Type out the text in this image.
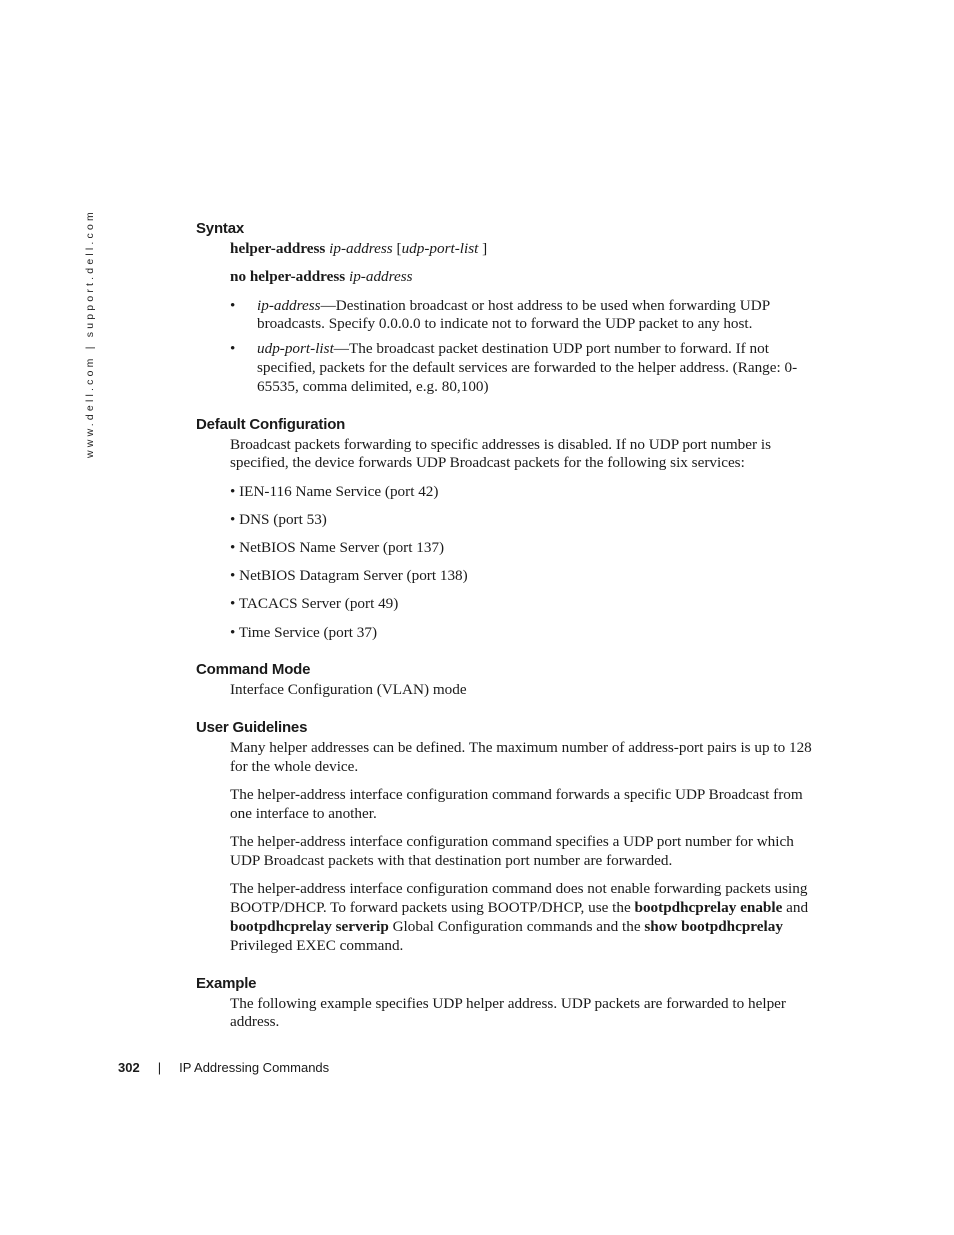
www.dell.com | support.dell.com	Syntax

helper-address ip-address [udp-port-list ]

no helper-address ip-address

• ip-address—Destination broadcast or host address to be used when forwarding UDP broadcasts. Specify 0.0.0.0 to indicate not to forward the UDP packet to any host.
• udp-port-list—The broadcast packet destination UDP port number to forward. If not specified, packets for the default services are forwarded to the helper address. (Range: 0-65535, comma delimited, e.g. 80,100)
Default Configuration

Broadcast packets forwarding to specific addresses is disabled. If no UDP port number is specified, the device forwards UDP Broadcast packets for the following six services:

• IEN-116 Name Service (port 42)
• DNS (port 53)
• NetBIOS Name Server (port 137)
• NetBIOS Datagram Server (port 138)
• TACACS Server (port 49)
• Time Service (port 37)
Command Mode

Interface Configuration (VLAN) mode

User Guidelines

Many helper addresses can be defined. The maximum number of address-port pairs is up to 128 for the whole device.

The helper-address interface configuration command forwards a specific UDP Broadcast from one interface to another.

The helper-address interface configuration command specifies a UDP port number for which UDP Broadcast packets with that destination port number are forwarded.

The helper-address interface configuration command does not enable forwarding packets using BOOTP/DHCP. To forward packets using BOOTP/DHCP, use the bootpdhcprelay enable and bootpdhcprelay serverip Global Configuration commands and the show bootpdhcprelay Privileged EXEC command.

Example

The following example specifies UDP helper address. UDP packets are forwarded to helper address.

302 | IP Addressing Commands
